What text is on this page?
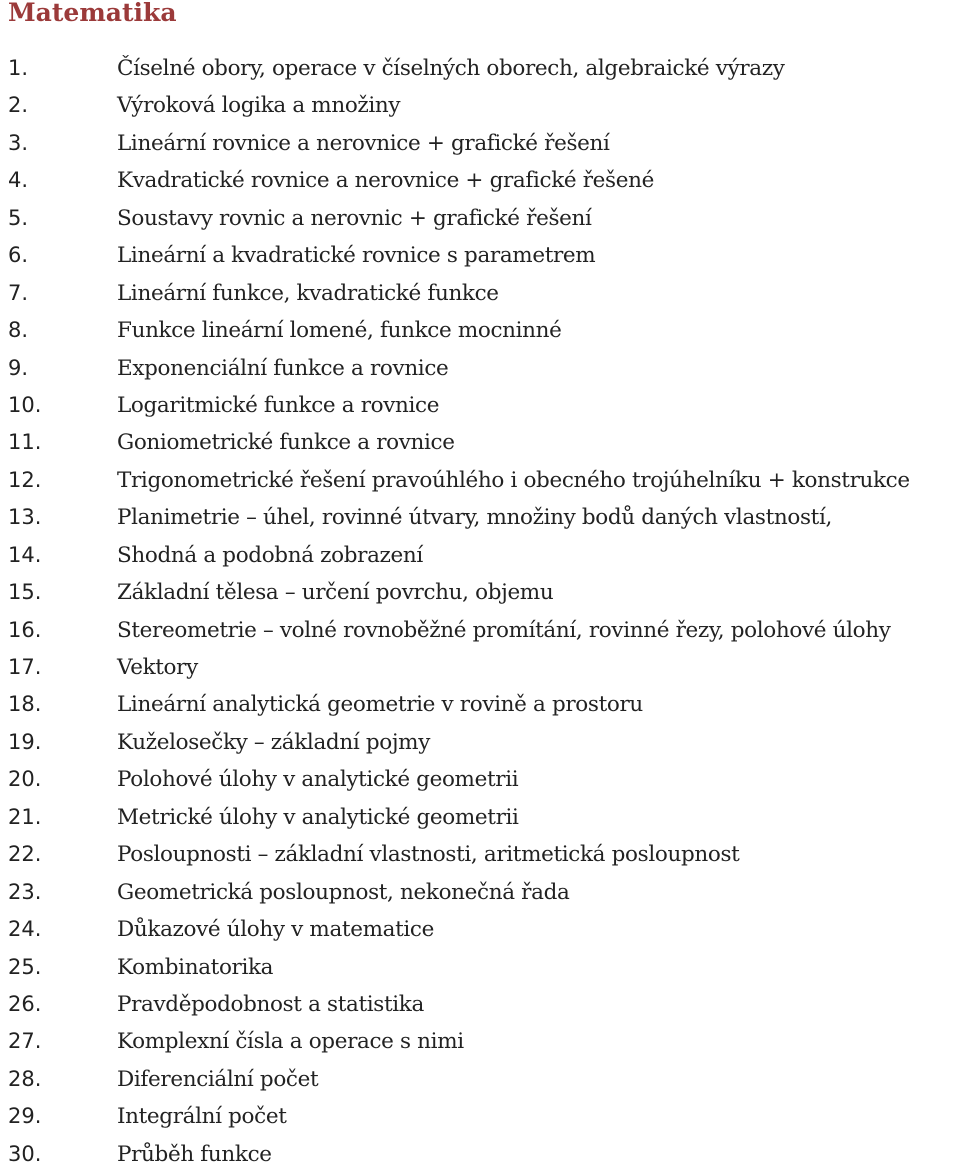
Matematika
1.	Číselné obory, operace v číselných oborech, algebraické výrazy
2.	Výroková logika a množiny
3.	Lineární rovnice a nerovnice + grafické řešení
4.	Kvadratické rovnice a nerovnice + grafické řešené
5.	Soustavy rovnic a nerovnic + grafické řešení
6.	Lineární a kvadratické rovnice s parametrem
7.	Lineární funkce, kvadratické funkce
8.	Funkce lineární lomené, funkce mocninné
9.	Exponenciální funkce a rovnice
10.	Logaritmické funkce a rovnice
11.	Goniometrické funkce a rovnice
12.	Trigonometrické řešení pravoúhlého i obecného trojúhelníku + konstrukce
13.	Planimetrie – úhel, rovinné útvary, množiny bodů daných vlastností,
14.	Shodná a podobná zobrazení
15.	Základní tělesa – určení povrchu, objemu
16.	Stereometrie – volné rovnoběžné promítání, rovinné řezy, polohové úlohy
17.	Vektory
18.	Lineární analytická geometrie v rovině a prostoru
19.	Kuželosečky – základní pojmy
20.	Polohové úlohy v analytické geometrii
21.	Metrické úlohy v analytické geometrii
22.	Posloupnosti – základní vlastnosti, aritmetická posloupnost
23.	Geometrická posloupnost, nekonečná řada
24.	Důkazové úlohy v matematice
25.	Kombinatorika
26.	Pravděpodobnost a statistika
27.	Komplexní čísla a operace s nimi
28.	Diferenciální počet
29.	Integrální počet
30.	Průběh funkce
